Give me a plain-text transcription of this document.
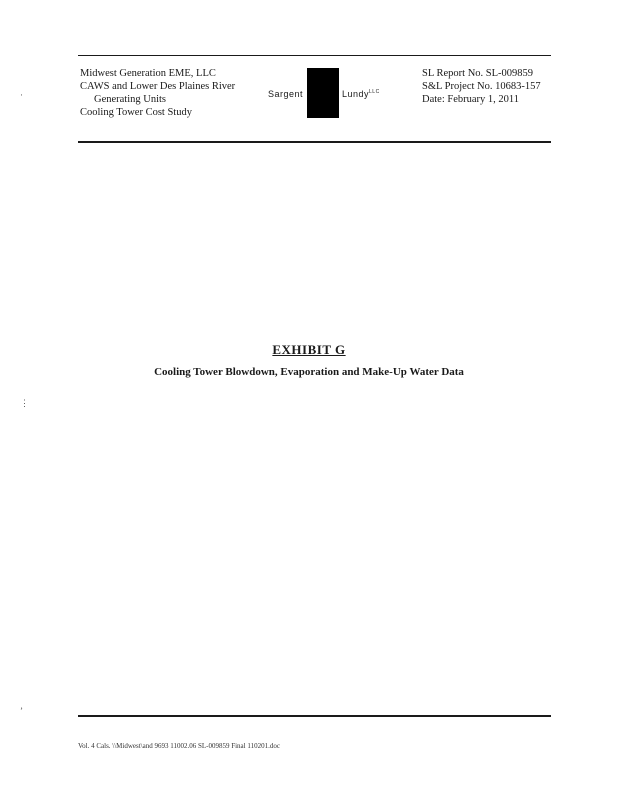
Midwest Generation EME, LLC
CAWS and Lower Des Plaines River
Generating Units
Cooling Tower Cost Study
Sargent	Lundy$^{LLC}$
SL Report No. SL-009859
S&L Project No. 10683-157
Date: February 1, 2011
EXHIBIT G
Cooling Tower Blowdown, Evaporation and Make-Up Water Data
Vol. 4 Cals. \\Midwest\and 9693 11002.06 SL-009859 Final 110201.doc
‍·
⋮
’
